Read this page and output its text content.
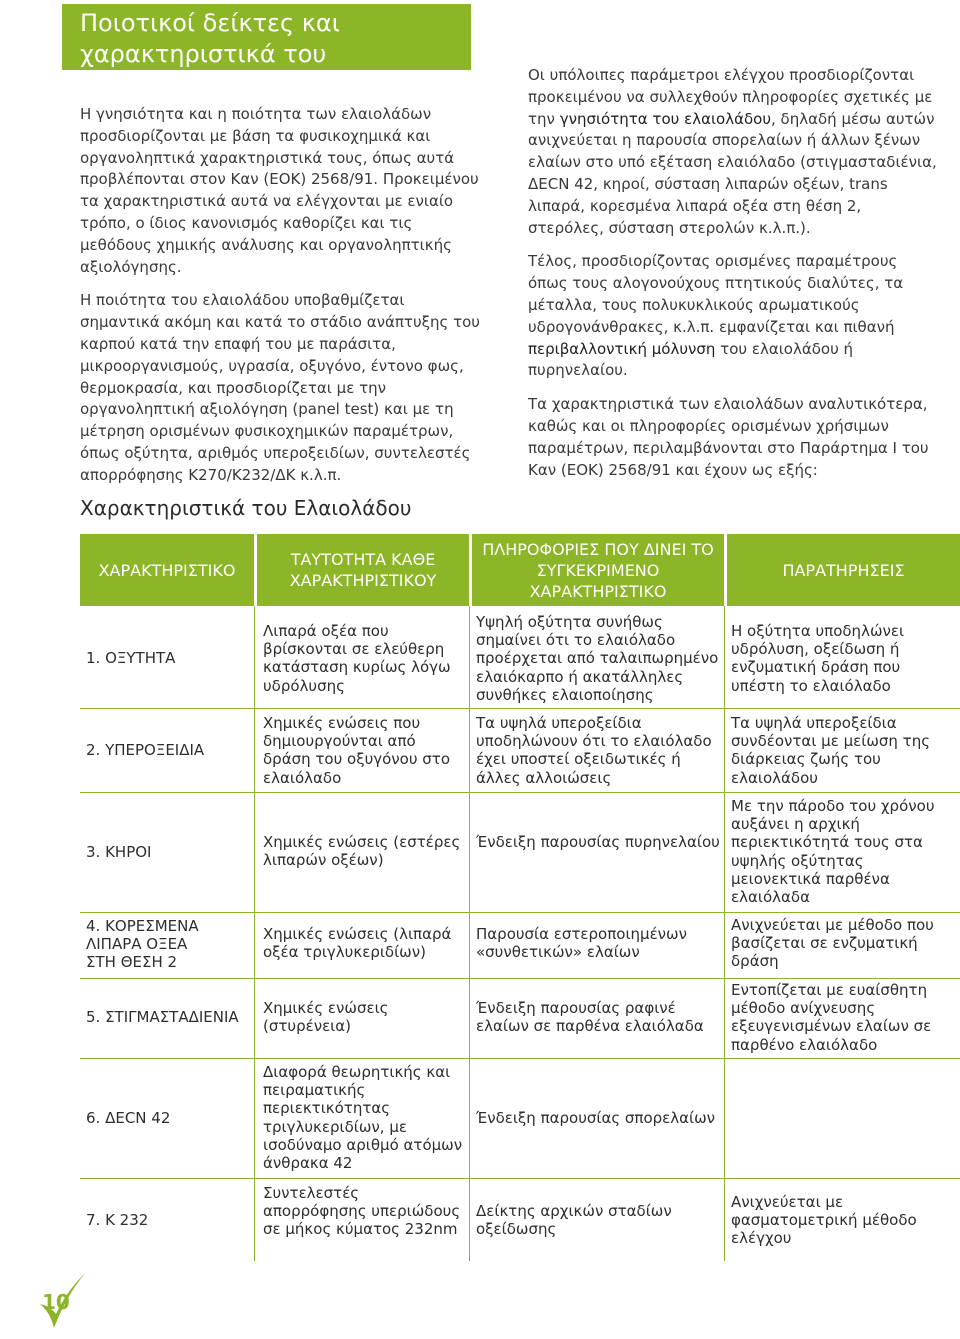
Ποιοτικοί δείκτες και
χαρακτηριστικά του ελαιολάδου

Η γνησιότητα και η ποιότητα των ελαιολάδων προσδιορίζονται με βάση τα φυσικοχημικά και οργανοληπτικά χαρακτηριστικά τους, όπως αυτά προβλέπονται στον Καν (ΕΟΚ) 2568/91. Προκειμένου τα χαρακτηριστικά αυτά να ελέγχονται με ενιαίο τρόπο, ο ίδιος κανονισμός καθορίζει και τις μεθόδους χημικής ανάλυσης και οργανοληπτικής αξιολόγησης.

Η ποιότητα του ελαιολάδου υποβαθμίζεται σημαντικά ακόμη και κατά το στάδιο ανάπτυξης του καρπού κατά την επαφή του με παράσιτα, μικροοργανισμούς, υγρασία, οξυγόνο, έντονο φως, θερμοκρασία, και προσδιορίζεται με την οργανοληπτική αξιολόγηση (panel test) και με τη μέτρηση ορισμένων φυσικοχημικών παραμέτρων, όπως οξύτητα, αριθμός υπεροξειδίων, συντελεστές απορρόφησης K270/K232/ΔK κ.λ.π.

Οι υπόλοιπες παράμετροι ελέγχου προσδιορίζονται προκειμένου να συλλεχθούν πληροφορίες σχετικές με την γνησιότητα του ελαιολάδου, δηλαδή μέσω αυτών ανιχνεύεται η παρουσία σπορελαίων ή άλλων ξένων ελαίων στο υπό εξέταση ελαιόλαδο (στιγμασταδιένια, ΔECN 42, κηροί, σύσταση λιπαρών οξέων, trans λιπαρά, κορεσμένα λιπαρά οξέα στη θέση 2, στερόλες, σύσταση στερολών κ.λ.π.).

Τέλος, προσδιορίζοντας ορισμένες παραμέτρους όπως τους αλογονούχους πτητικούς διαλύτες, τα μέταλλα, τους πολυκυκλικούς αρωματικούς υδρογονάνθρακες, κ.λ.π. εμφανίζεται και πιθανή περιβαλλοντική μόλυνση του ελαιολάδου ή πυρηνελαίου.

Τα χαρακτηριστικά των ελαιολάδων αναλυτικότερα, καθώς και οι πληροφορίες ορισμένων χρήσιμων παραμέτρων, περιλαμβάνονται στο Παράρτημα Ι του Καν (ΕΟΚ) 2568/91 και έχουν ως εξής:

Χαρακτηριστικά του Ελαιολάδου
ΧΑΡΑΚΤΗΡΙΣΤΙΚΟ
ΤΑΥΤΟΤΗΤΑ ΚΑΘΕ ΧΑΡΑΚΤΗΡΙΣΤΙΚΟΥ
ΠΛΗΡΟΦΟΡΙΕΣ ΠΟΥ ΔΙΝΕΙ ΤΟ ΣΥΓΚΕΚΡΙΜΕΝΟ ΧΑΡΑΚΤΗΡΙΣΤΙΚΟ
ΠΑΡΑΤΗΡΗΣΕΙΣ
1. ΟΞΥΤΗΤΑ
Λιπαρά οξέα που βρίσκονται σε ελεύθερη κατάσταση κυρίως λόγω υδρόλυσης
Υψηλή οξύτητα συνήθως σημαίνει ότι το ελαιόλαδο προέρχεται από ταλαιπωρημένο ελαιόκαρπο ή ακατάλληλες συνθήκες ελαιοποίησης
Η οξύτητα υποδηλώνει υδρόλυση, οξείδωση ή ενζυματική δράση που υπέστη το ελαιόλαδο
2. ΥΠΕΡΟΞΕΙΔΙΑ
Χημικές ενώσεις που δημιουργούνται από δράση του οξυγόνου στο ελαιόλαδο
Τα υψηλά υπεροξείδια υποδηλώνουν ότι το ελαιόλαδο έχει υποστεί οξειδωτικές ή άλλες αλλοιώσεις
Τα υψηλά υπεροξείδια συνδέονται με μείωση της διάρκειας ζωής του ελαιολάδου
3. ΚΗΡΟΙ
Χημικές ενώσεις (εστέρες λιπαρών οξέων)
Ένδειξη παρουσίας πυρηνελαίου
Με την πάροδο του χρόνου αυξάνει η αρχική περιεκτικότητά τους στα υψηλής οξύτητας μειονεκτικά παρθένα ελαιόλαδα
4. ΚΟΡΕΣΜΕΝΑ ΛΙΠΑΡΑ ΟΞΕΑ ΣΤΗ ΘΕΣΗ 2
Χημικές ενώσεις (λιπαρά οξέα τριγλυκεριδίων)
Παρουσία εστεροποιημένων «συνθετικών» ελαίων
Ανιχνεύεται με μέθοδο που βασίζεται σε ενζυματική δράση
5. ΣΤΙΓΜΑΣΤΑΔΙΕΝΙΑ	Χημικές ενώσεις (στυρένεια)
Ένδειξη παρουσίας ραφινέ ελαίων σε παρθένα ελαιόλαδα
Εντοπίζεται με ευαίσθητη μέθοδο ανίχνευσης εξευγενισμένων ελαίων σε παρθένο ελαιόλαδο
6. ΔECN 42
Διαφορά θεωρητικής και πειραματικής περιεκτικότητας τριγλυκεριδίων, με ισοδύναμο αριθμό ατόμων άνθρακα 42
Ένδειξη παρουσίας σπορελαίων
7. K 232
Συντελεστές απορρόφησης υπεριώδους σε μήκος κύματος 232nm
Δείκτης αρχικών σταδίων οξείδωσης
Ανιχνεύεται με φασματομετρική μέθοδο ελέγχου
10
